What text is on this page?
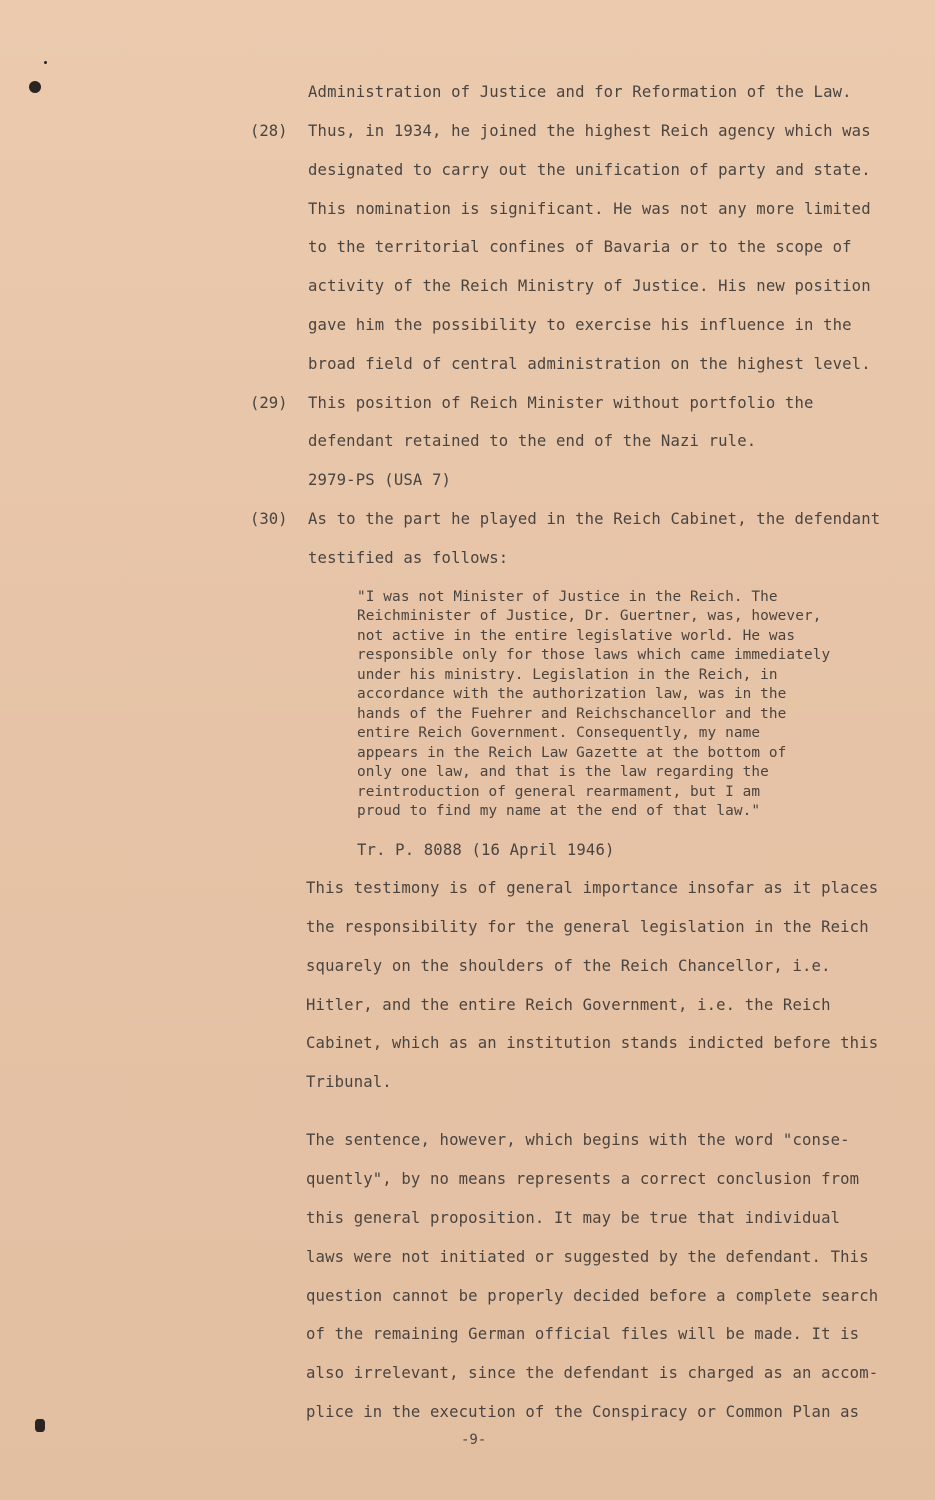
(28)
(29)
(30)
Administration of Justice and for Reformation of the Law.
Thus, in 1934, he joined the highest Reich agency which was
designated to carry out the unification of party and state.
This nomination is significant. He was not any more limited
to the territorial confines of Bavaria or to the scope of
activity of the Reich Ministry of Justice. His new position
gave him the possibility to exercise his influence in the
broad field of central administration on the highest level.
This position of Reich Minister without portfolio the
defendant retained to the end of the Nazi rule.
2979-PS (USA 7)
As to the part he played in the Reich Cabinet, the defendant
testified as follows:
"I was not Minister of Justice in the Reich. The
Reichminister of Justice, Dr. Guertner, was, however,
not active in the entire legislative world. He was
responsible only for those laws which came immediately
under his ministry. Legislation in the Reich, in
accordance with the authorization law, was in the
hands of the Fuehrer and Reichschancellor and the
entire Reich Government. Consequently, my name
appears in the Reich Law Gazette at the bottom of
only one law, and that is the law regarding the
reintroduction of general rearmament, but I am
proud to find my name at the end of that law."
Tr. P. 8088 (16 April 1946)
This testimony is of general importance insofar as it places
the responsibility for the general legislation in the Reich
squarely on the shoulders of the Reich Chancellor, i.e.
Hitler, and the entire Reich Government, i.e. the Reich
Cabinet, which as an institution stands indicted before this
Tribunal.
The sentence, however, which begins with the word "conse-
quently", by no means represents a correct conclusion from
this general proposition. It may be true that individual
laws were not initiated or suggested by the defendant. This
question cannot be properly decided before a complete search
of the remaining German official files will be made. It is
also irrelevant, since the defendant is charged as an accom-
plice in the execution of the Conspiracy or Common Plan as
-9-
